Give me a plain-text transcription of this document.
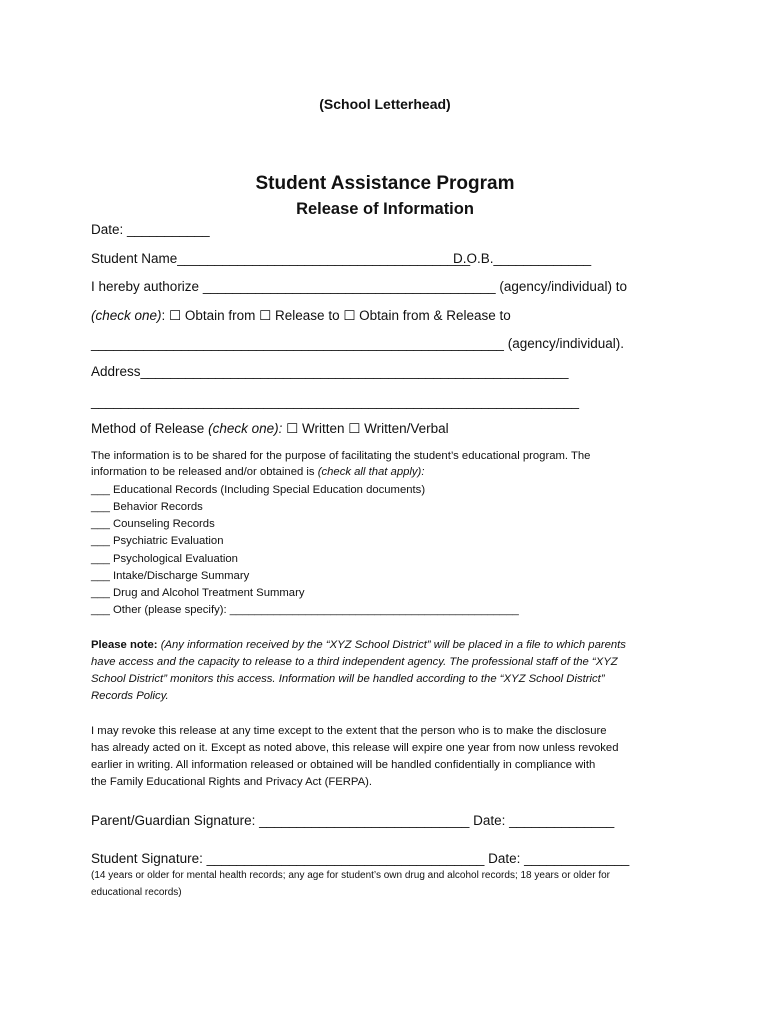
(School Letterhead)
Student Assistance Program
Release of Information
Date: ___________
Student Name_______________________________________
D.O.B._____________
I hereby authorize _______________________________________ (agency/individual) to
(check one): ☐ Obtain from ☐ Release to ☐ Obtain from & Release to
_______________________________________________________ (agency/individual).
Address_________________________________________________________
_________________________________________________________________
Method of Release (check one): ☐ Written ☐ Written/Verbal
The information is to be shared for the purpose of facilitating the student’s educational program. The
information to be released and/or obtained is (check all that apply):
___ Educational Records (Including Special Education documents)
___ Behavior Records
___ Counseling Records
___ Psychiatric Evaluation
___ Psychological Evaluation
___ Intake/Discharge Summary
___ Drug and Alcohol Treatment Summary
___ Other (please specify): ______________________________________________
Please note: (Any information received by the “XYZ School District” will be placed in a file to which parents
have access and the capacity to release to a third independent agency. The professional staff of the “XYZ
School District” monitors this access. Information will be handled according to the “XYZ School District”
Records Policy.
I may revoke this release at any time except to the extent that the person who is to make the disclosure
has already acted on it. Except as noted above, this release will expire one year from now unless revoked
earlier in writing. All information released or obtained will be handled confidentially in compliance with
the Family Educational Rights and Privacy Act (FERPA).
Parent/Guardian Signature: ____________________________ Date: ______________
Student Signature: _____________________________________ Date: ______________
(14 years or older for mental health records; any age for student’s own drug and alcohol records; 18 years or older for
educational records)
